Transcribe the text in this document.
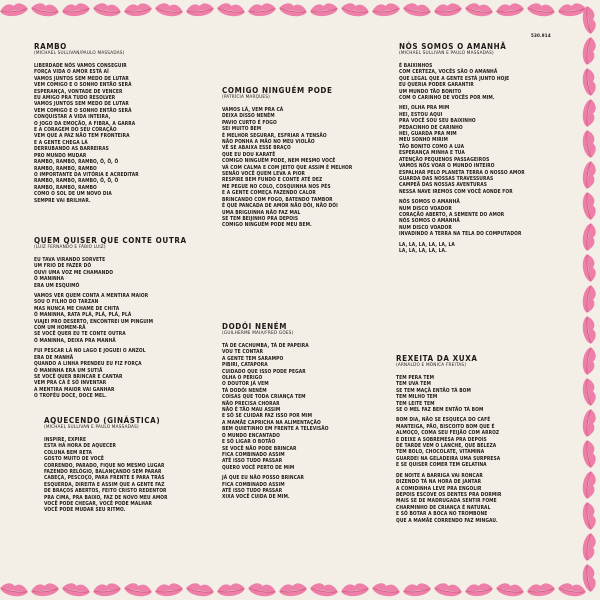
530.914
RAMBO
(MICHAEL SULLIVAN/PAULO MASSADAS)
LIBERDADE NÓS VAMOS CONSEGUIR
FORÇA VIDA O AMOR ESTÁ AÍ
VAMOS JUNTOS SEM MEDO DE LUTAR
VEM COMIGO E O SONHO ENTÃO SERÁ
ESPERANÇA, VONTADE DE VENCER
EU AMIGO PRA TUDO RESOLVER
VAMOS JUNTOS SEM MEDO DE LUTAR
VEM COMIGO E O SONHO ENTÃO SERÁ
CONQUISTAR A VIDA INTEIRA,
O JOGO DA EMOÇÃO, A FIBRA, A GARRA
E A CORAGEM DO SEU CORAÇÃO
VEM QUE A PAZ NÃO TEM FRONTEIRA
E A GENTE CHEGA LÁ
DERRUBANDO AS BARREIRAS
PRO MUNDO MUDAR
RAMBO, RAMBO, RAMBO, Ô, Ô, Ô
RAMBO, RAMBO, RAMBO
O IMPORTANTE DA VITÓRIA E ACREDITAR
RAMBO, RAMBO, RAMBO, Ô, Ô, Ô
RAMBO, RAMBO, RAMBO
COMO O SOL DE UM NOVO DIA
SEMPRE VAI BRILHAR.
COMIGO NINGUÉM PODE
(PATRÍCIA MARQUES)
VAMOS LÁ, VEM PRA CÁ
DEIXA DISSO NENÉM
PAVIO CURTO É FOGO
SEI MUITO BEM
É MELHOR SEGURAR, ESFRIAR A TENSÃO
NÃO PONHA A MÃO NO MEU VIOLÃO
VÊ SE ABAIXA ESSE BRAÇO
QUE EU DOU KARATÊ
COMIGO NINGUÉM PODE, NEM MESMO VOCÊ
VÁ COM CALMA E COM JEITO QUE ASSIM É MELHOR
SENÃO VOCÊ QUEM LEVA A PIOR
RESPIRE BEM FUNDO E CONTE ATÉ DEZ
ME PEGUE NO COLO, COSQUINHA NOS PÉS
E A GENTE COMEÇA FAZENDO CALOR
BRINCANDO COM FOGO, BATENDO TAMBOR
É QUE PANCADA DE AMOR NÃO DÓI, NÃO DÓI
UMA BRIGUINHA NÃO FAZ MAL
SE TEM BEIJINHO PRA DEPOIS
COMIGO NINGUÉM PODE MEU BEM.
NÓS SOMOS O AMANHÃ
(MICHAEL SULLIVAN E PAULO MASSADAS)
É BAIXINHOS
COM CERTEZA, VOCÊS SÃO O AMANHÃ
QUE LEGAL QUE A GENTE ESTÁ JUNTO HOJE
EU QUERIA PODER GARANTIR
UM MUNDO TÃO BONITO
COM O CARINHO DE VOCÊS POR MIM.
HEI, OLHA PRA MIM
HEI, ESTOU AQUI
PRA VOCÊ SOU SEU BAIXINHO
PEDACINHO DE CARINHO
HEI, GUARDA PRA MIM
MEU SONHO MIRIM
TÃO BONITO COMO A LUA
ESPERANÇA MINHA E TUA
ATENÇÃO PEQUENOS PASSAGEIROS
VAMOS NÓS VOAR O MUNDO INTEIRO
ESPALHAR PELO PLANETA TERRA O NOSSO AMOR
GUARDA DAS NOSSAS TRAVESSURAS
CAMPEÃ DAS NOSSAS AVENTURAS
NESSA NAVE IREMOS COM VOCÊ AONDE FOR
NÓS SOMOS O AMANHÃ
NUM DISCO VOADOR
CORAÇÃO ABERTO, A SEMENTE DO AMOR
NÓS SOMOS O AMANHÃ
NUM DISCO VOADOR
INVADINDO A TERRA NA TELA DO COMPUTADOR
LA, LA, LA, LA, LA, LA
LA, LA, LA, LA, LA.
QUEM QUISER QUE CONTE OUTRA
(LUIZ FERNANDO E FÁBIO LUIZ)
EU TAVA VIRANDO SORVETE
UM FRIO DE FAZER DÓ
OUVI UMA VOZ ME CHAMANDO
Ó MANINHA
ERA UM ESQUIMÓ
VAMOS VER QUEM CONTA A MENTIRA MAIOR
SOU O FILHO DO TARZAN
MAS NUNCA ME CHAME DE CHITA
Ó MANINHA, RATA PLÁ, PLÁ, PLÁ, PLÁ
VIAJEI PRO DESERTO, ENCONTREI UM PINGUIM
COM UM HOMEM-RÃ
SE VOCÊ QUER EU TE CONTE OUTRA
Ó MANINHA, DEIXA PRA MANHÃ
FUI PESCAR LÁ NO LAGO E JOGUEI O ANZOL
ERA DE MANHÃ
QUANDO A LINHA PRENDEU EU FIZ FORÇA
Ó MANINHA ERA UM SUTIÃ
SE VOCÊ QUER BRINCAR E CANTAR
VEM PRA CÁ É SÓ INVENTAR
A MENTIRA MAIOR VAI GANHAR
O TROFÉU DOCE, DOCE MEL.
DODÓI NENÉM
(GUILHERME MAIA/FRED GÓES)
TÁ DE CACHUMBA, TÁ DE PAPEIRA
VOU TE CONTAR
A GENTE TEM SARAMPO
PIBIRI, CATAPORA
CUIDADO QUE ISSO PODE PEGAR
OLHA O PERIGO
O DOUTOR JÁ VEM
TÁ DODÓI NENÉM
COISAS QUE TODA CRIANÇA TEM
NÃO PRECISA CHORAR
NÃO É TÃO MAU ASSIM
E SÓ SE CUIDAR FAZ ISSO POR MIM
A MAMÃE CAPRICHA NA ALIMENTAÇÃO
BEM QUIETINHO EM FRENTE A TELEVISÃO
O MUNDO ENCANTADO
E SÓ LIGAR O BOTÃO
SE VOCÊ NÃO PODE BRINCAR
FICA COMBINADO ASSIM
ATÉ ISSO TUDO PASSAR
QUERO VOCÊ PERTO DE MIM
JÁ QUE EU NÃO POSSO BRINCAR
FICA COMBINADO ASSIM
ATÉ ISSO TUDO PASSAR
XIXA VOCÊ CUIDA DE MIM.
AQUECENDO (GINÁSTICA)
(MICHAEL SULLIVAN E PAULO MASSADAS)
INSPIRE, EXPIRE
ESTA HÁ HORA DE AQUECER
COLUNA BEM RETA
GOSTO MUITO DE VOCÊ
CORRENDO, PARADO, FIQUE NO MESMO LUGAR
FAZENDO RELÓGIO, BALANÇANDO SEM PARAR
CABEÇA, PESCOÇO, PARA FRENTE E PARA TRÁS
ESQUERDA, DIREITA E ASSIM QUE A GENTE FAZ
DE BRAÇOS ABERTOS, FEITO CRISTO REDENTOR
PRA CIMA, PRA BAIXO, FAZ DE NOVO MEU AMOR
VOCÊ PODE CHEGAR, VOCÊ PODE MALHAR
VOCÊ PODE MUDAR SEU RITMO.
REXEITA DA XUXA
(ARNALDO E MÔNICA FREITAS)
TEM PERA TEM
TEM UVA TEM
SE TEM MAÇÃ ENTÃO TÁ BOM
TEM MILHO TEM
TEM LEITE TEM
SE O MEL FAZ BEM ENTÃO TÁ BOM
BOM DIA, NÃO SE ESQUEÇA DO CAFÉ
MANTEIGA, PÃO, BISCOITO BOM QUE É
ALMOÇO, COMA SEU FEIJÃO COM ARROZ
E DEIXE A SOBREMESA PRA DEPOIS
DE TARDE VEM O LANCHE, QUE BELEZA
TEM BOLO, CHOCOLATE, VITAMINA
GUARDEI NA GELADEIRA UMA SURPRESA
E SE QUISER COMER TEM GELATINA
DE NOITE A BARRIGA VAI RONCAR
DIZENDO TÁ NA HORA DE JANTAR
A COMIDINHA LEVE PRA ENGOLIR
DEPOIS ESCOVE OS DENTES PRA DORMIR
MAIS SE DE MADRUGADA SENTIR FOME
CHARMINHO DE CRIANÇA É NATURAL
E SÓ BOTAR A BOCA NO TROMBONE
QUE A MAMÃE CORRENDO FAZ MINGAU.
